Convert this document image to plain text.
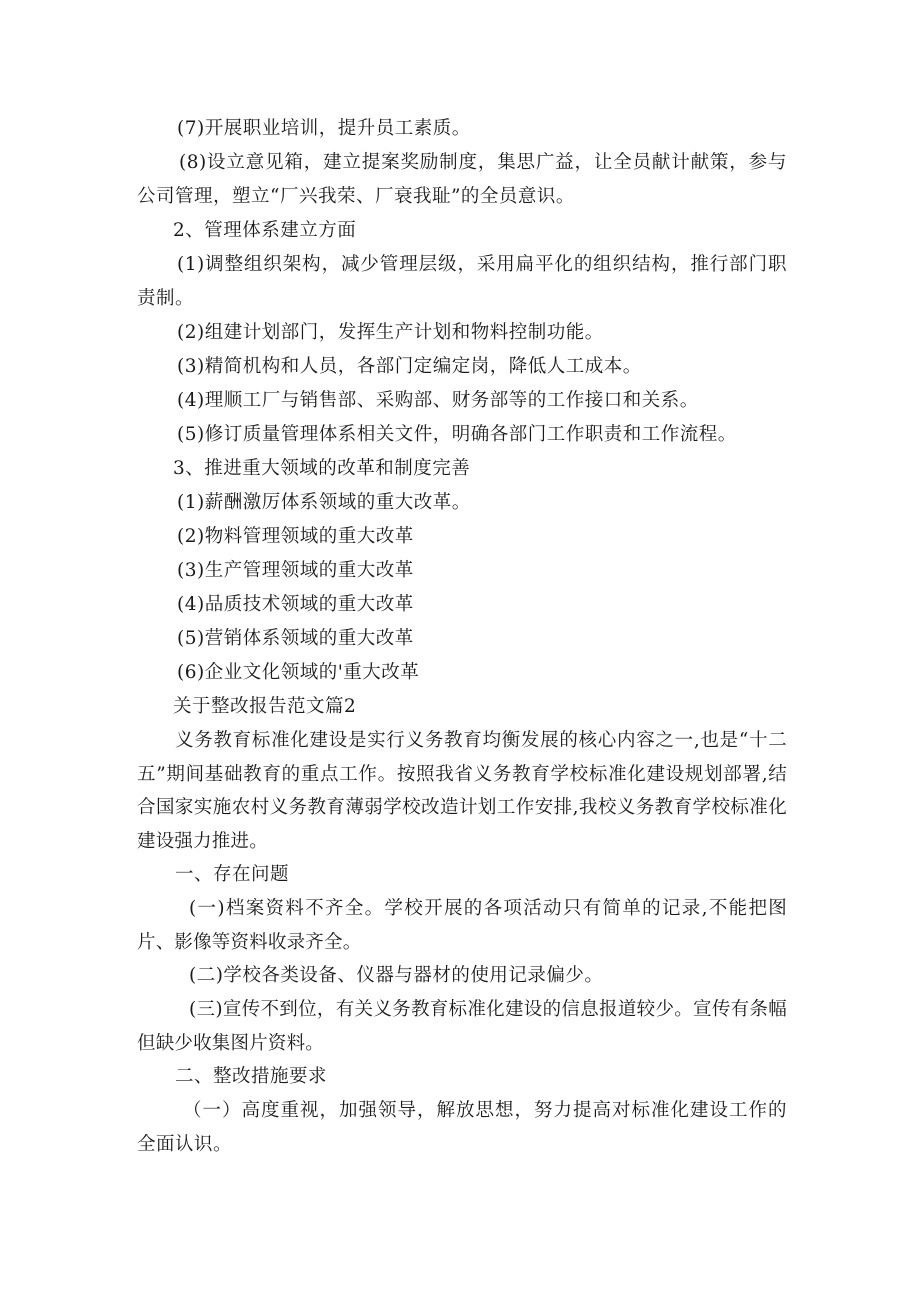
(7)开展职业培训，提升员工素质。

(8)设立意见箱，建立提案奖励制度，集思广益，让全员献计献策，参与公司管理，塑立“厂兴我荣、厂衰我耻”的全员意识。

2、管理体系建立方面

(1)调整组织架构，减少管理层级，采用扁平化的组织结构，推行部门职责制。

(2)组建计划部门，发挥生产计划和物料控制功能。

(3)精简机构和人员，各部门定编定岗，降低人工成本。

(4)理顺工厂与销售部、采购部、财务部等的工作接口和关系。

(5)修订质量管理体系相关文件，明确各部门工作职责和工作流程。

3、推进重大领域的改革和制度完善

(1)薪酬激厉体系领域的重大改革。

(2)物料管理领域的重大改革

(3)生产管理领域的重大改革

(4)品质技术领域的重大改革

(5)营销体系领域的重大改革

(6)企业文化领域的'重大改革

关于整改报告范文篇2

义务教育标准化建设是实行义务教育均衡发展的核心内容之一,也是“十二五”期间基础教育的重点工作。按照我省义务教育学校标准化建设规划部署,结合国家实施农村义务教育薄弱学校改造计划工作安排,我校义务教育学校标准化建设强力推进。

一、存在问题

(一)档案资料不齐全。学校开展的各项活动只有简单的记录,不能把图片、影像等资料收录齐全。

(二)学校各类设备、仪器与器材的使用记录偏少。

(三)宣传不到位，有关义务教育标准化建设的信息报道较少。宣传有条幅但缺少收集图片资料。

二、整改措施要求

（一）高度重视，加强领导，解放思想，努力提高对标准化建设工作的全面认识。
